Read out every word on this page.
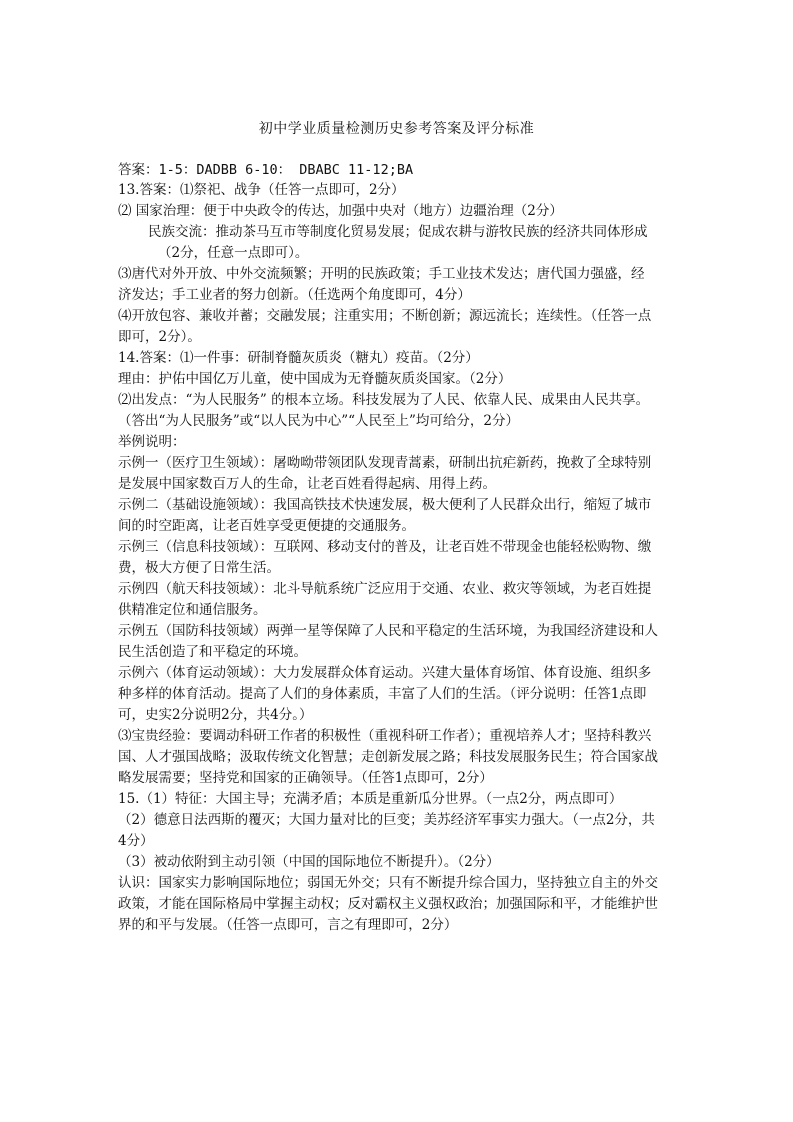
初中学业质量检测历史参考答案及评分标准
答案：1-5：DADBB 6-10： DBABC 11-12;BA
13.答案：⑴祭祀、战争（任答一点即可，2分）
⑵ 国家治理：便于中央政令的传达，加强中央对（地方）边疆治理（2分）
民族交流：推动茶马互市等制度化贸易发展；促成农耕与游牧民族的经济共同体形成
（2分，任意一点即可）。
⑶唐代对外开放、中外交流频繁；开明的民族政策；手工业技术发达；唐代国力强盛，经
济发达；手工业者的努力创新。（任选两个角度即可，4分）
⑷开放包容、兼收并蓄；交融发展；注重实用；不断创新；源远流长；连续性。（任答一点
即可，2分）。
14.答案：⑴一件事：研制脊髓灰质炎（糖丸）疫苗。（2分）
理由：护佑中国亿万儿童，使中国成为无脊髓灰质炎国家。（2分）
⑵出发点：“为人民服务” 的根本立场。科技发展为了人民、依靠人民、成果由人民共享。
（答出“为人民服务”或“以人民为中心”“人民至上”均可给分，2分）
举例说明：
示例一（医疗卫生领域）：屠呦呦带领团队发现青蒿素，研制出抗疟新药，挽救了全球特别
是发展中国家数百万人的生命，让老百姓看得起病、用得上药。
示例二（基础设施领域）：我国高铁技术快速发展，极大便利了人民群众出行，缩短了城市
间的时空距离，让老百姓享受更便捷的交通服务。
示例三（信息科技领域）：互联网、移动支付的普及，让老百姓不带现金也能轻松购物、缴
费，极大方便了日常生活。
示例四（航天科技领域）：北斗导航系统广泛应用于交通、农业、救灾等领域，为老百姓提
供精准定位和通信服务。
示例五（国防科技领域）两弹一星等保障了人民和平稳定的生活环境，为我国经济建设和人
民生活创造了和平稳定的环境。
示例六（体育运动领域）：大力发展群众体育运动。兴建大量体育场馆、体育设施、组织多
种多样的体育活动。提高了人们的身体素质，丰富了人们的生活。（评分说明：任答1点即
可，史实2分说明2分，共4分。）
⑶宝贵经验：要调动科研工作者的积极性（重视科研工作者）；重视培养人才；坚持科教兴
国、人才强国战略；汲取传统文化智慧；走创新发展之路；科技发展服务民生；符合国家战
略发展需要；坚持党和国家的正确领导。（任答1点即可，2分）
15.（1）特征：大国主导；充满矛盾；本质是重新瓜分世界。（一点2分，两点即可）
（2）德意日法西斯的覆灭；大国力量对比的巨变；美苏经济军事实力强大。（一点2分，共
4分）
（3）被动依附到主动引领（中国的国际地位不断提升）。（2分）
认识：国家实力影响国际地位；弱国无外交；只有不断提升综合国力，坚持独立自主的外交
政策，才能在国际格局中掌握主动权；反对霸权主义强权政治；加强国际和平，才能维护世
界的和平与发展。（任答一点即可，言之有理即可，2分）
